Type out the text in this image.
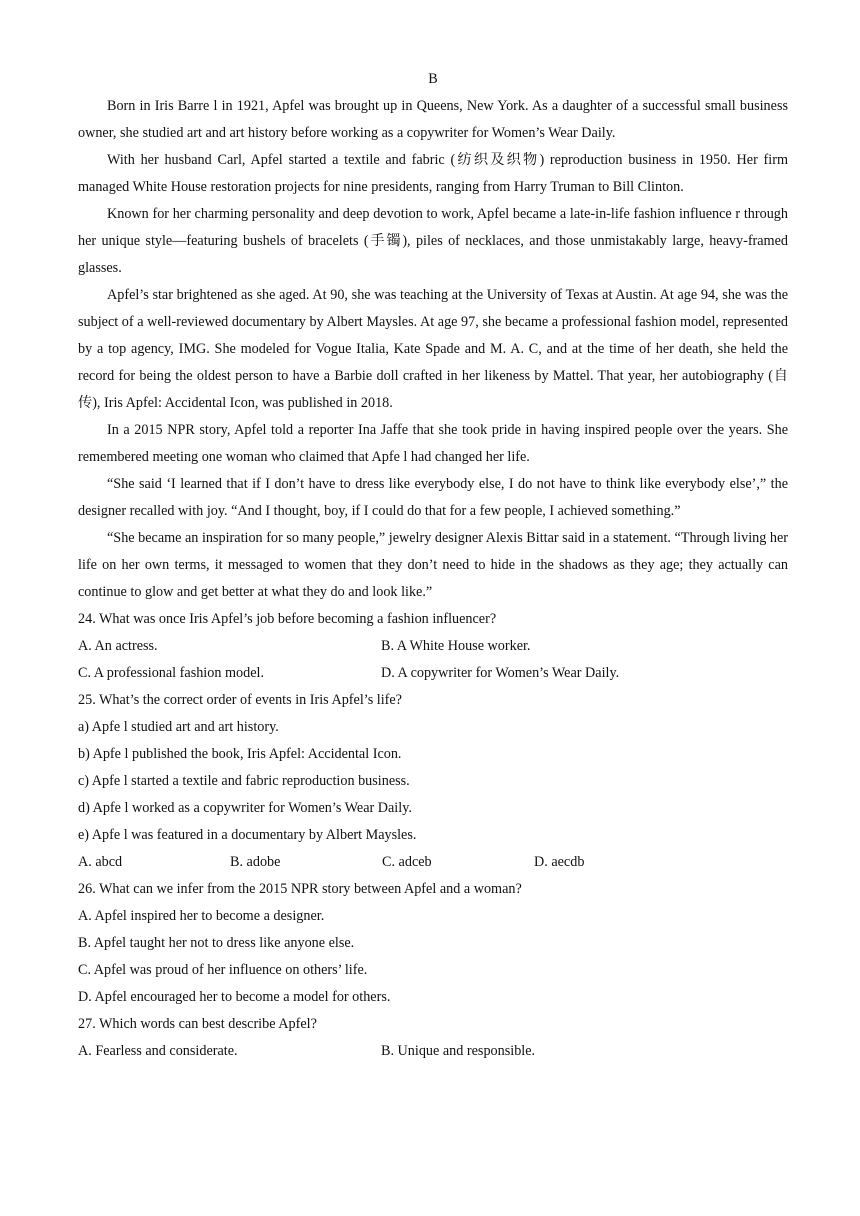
B

Born in Iris Barre l in 1921, Apfel was brought up in Queens, New York. As a daughter of a successful small business owner, she studied art and art history before working as a copywriter for Women’s Wear Daily.

With her husband Carl, Apfel started a textile and fabric (纺织及织物) reproduction business in 1950. Her firm managed White House restoration projects for nine presidents, ranging from Harry Truman to Bill Clinton.

Known for her charming personality and deep devotion to work, Apfel became a late-in-life fashion influence r through her unique style—featuring bushels of bracelets (手镯), piles of necklaces, and those unmistakably large, heavy-framed glasses.

Apfel’s star brightened as she aged. At 90, she was teaching at the University of Texas at Austin. At age 94, she was the subject of a well-reviewed documentary by Albert Maysles. At age 97, she became a professional fashion model, represented by a top agency, IMG. She modeled for Vogue Italia, Kate Spade and M. A. C, and at the time of her death, she held the record for being the oldest person to have a Barbie doll crafted in her likeness by Mattel. That year, her autobiography (自传), Iris Apfel: Accidental Icon, was published in 2018.

In a 2015 NPR story, Apfel told a reporter Ina Jaffe that she took pride in having inspired people over the years. She remembered meeting one woman who claimed that Apfe l had changed her life.

“She said ‘I learned that if I don’t have to dress like everybody else, I do not have to think like everybody else’,” the designer recalled with joy. “And I thought, boy, if I could do that for a few people, I achieved something.”

“She became an inspiration for so many people,” jewelry designer Alexis Bittar said in a statement. “Through living her life on her own terms, it messaged to women that they don’t need to hide in the shadows as they age; they actually can continue to glow and get better at what they do and look like.”

24. What was once Iris Apfel’s job before becoming a fashion influencer?
A. An actress.	B. A White House worker.
C. A professional fashion model.	D. A copywriter for Women’s Wear Daily.
25. What’s the correct order of events in Iris Apfel’s life?
a) Apfe l studied art and art history.
b) Apfe l published the book, Iris Apfel: Accidental Icon.
c) Apfe l started a textile and fabric reproduction business.
d) Apfe l worked as a copywriter for Women’s Wear Daily.
e) Apfe l was featured in a documentary by Albert Maysles.
A. abcd	B. adobe	C. adceb	D. aecdb
26. What can we infer from the 2015 NPR story between Apfel and a woman?
A. Apfel inspired her to become a designer.
B. Apfel taught her not to dress like anyone else.
C. Apfel was proud of her influence on others’ life.
D. Apfel encouraged her to become a model for others.
27. Which words can best describe Apfel?
A. Fearless and considerate.	B. Unique and responsible.
